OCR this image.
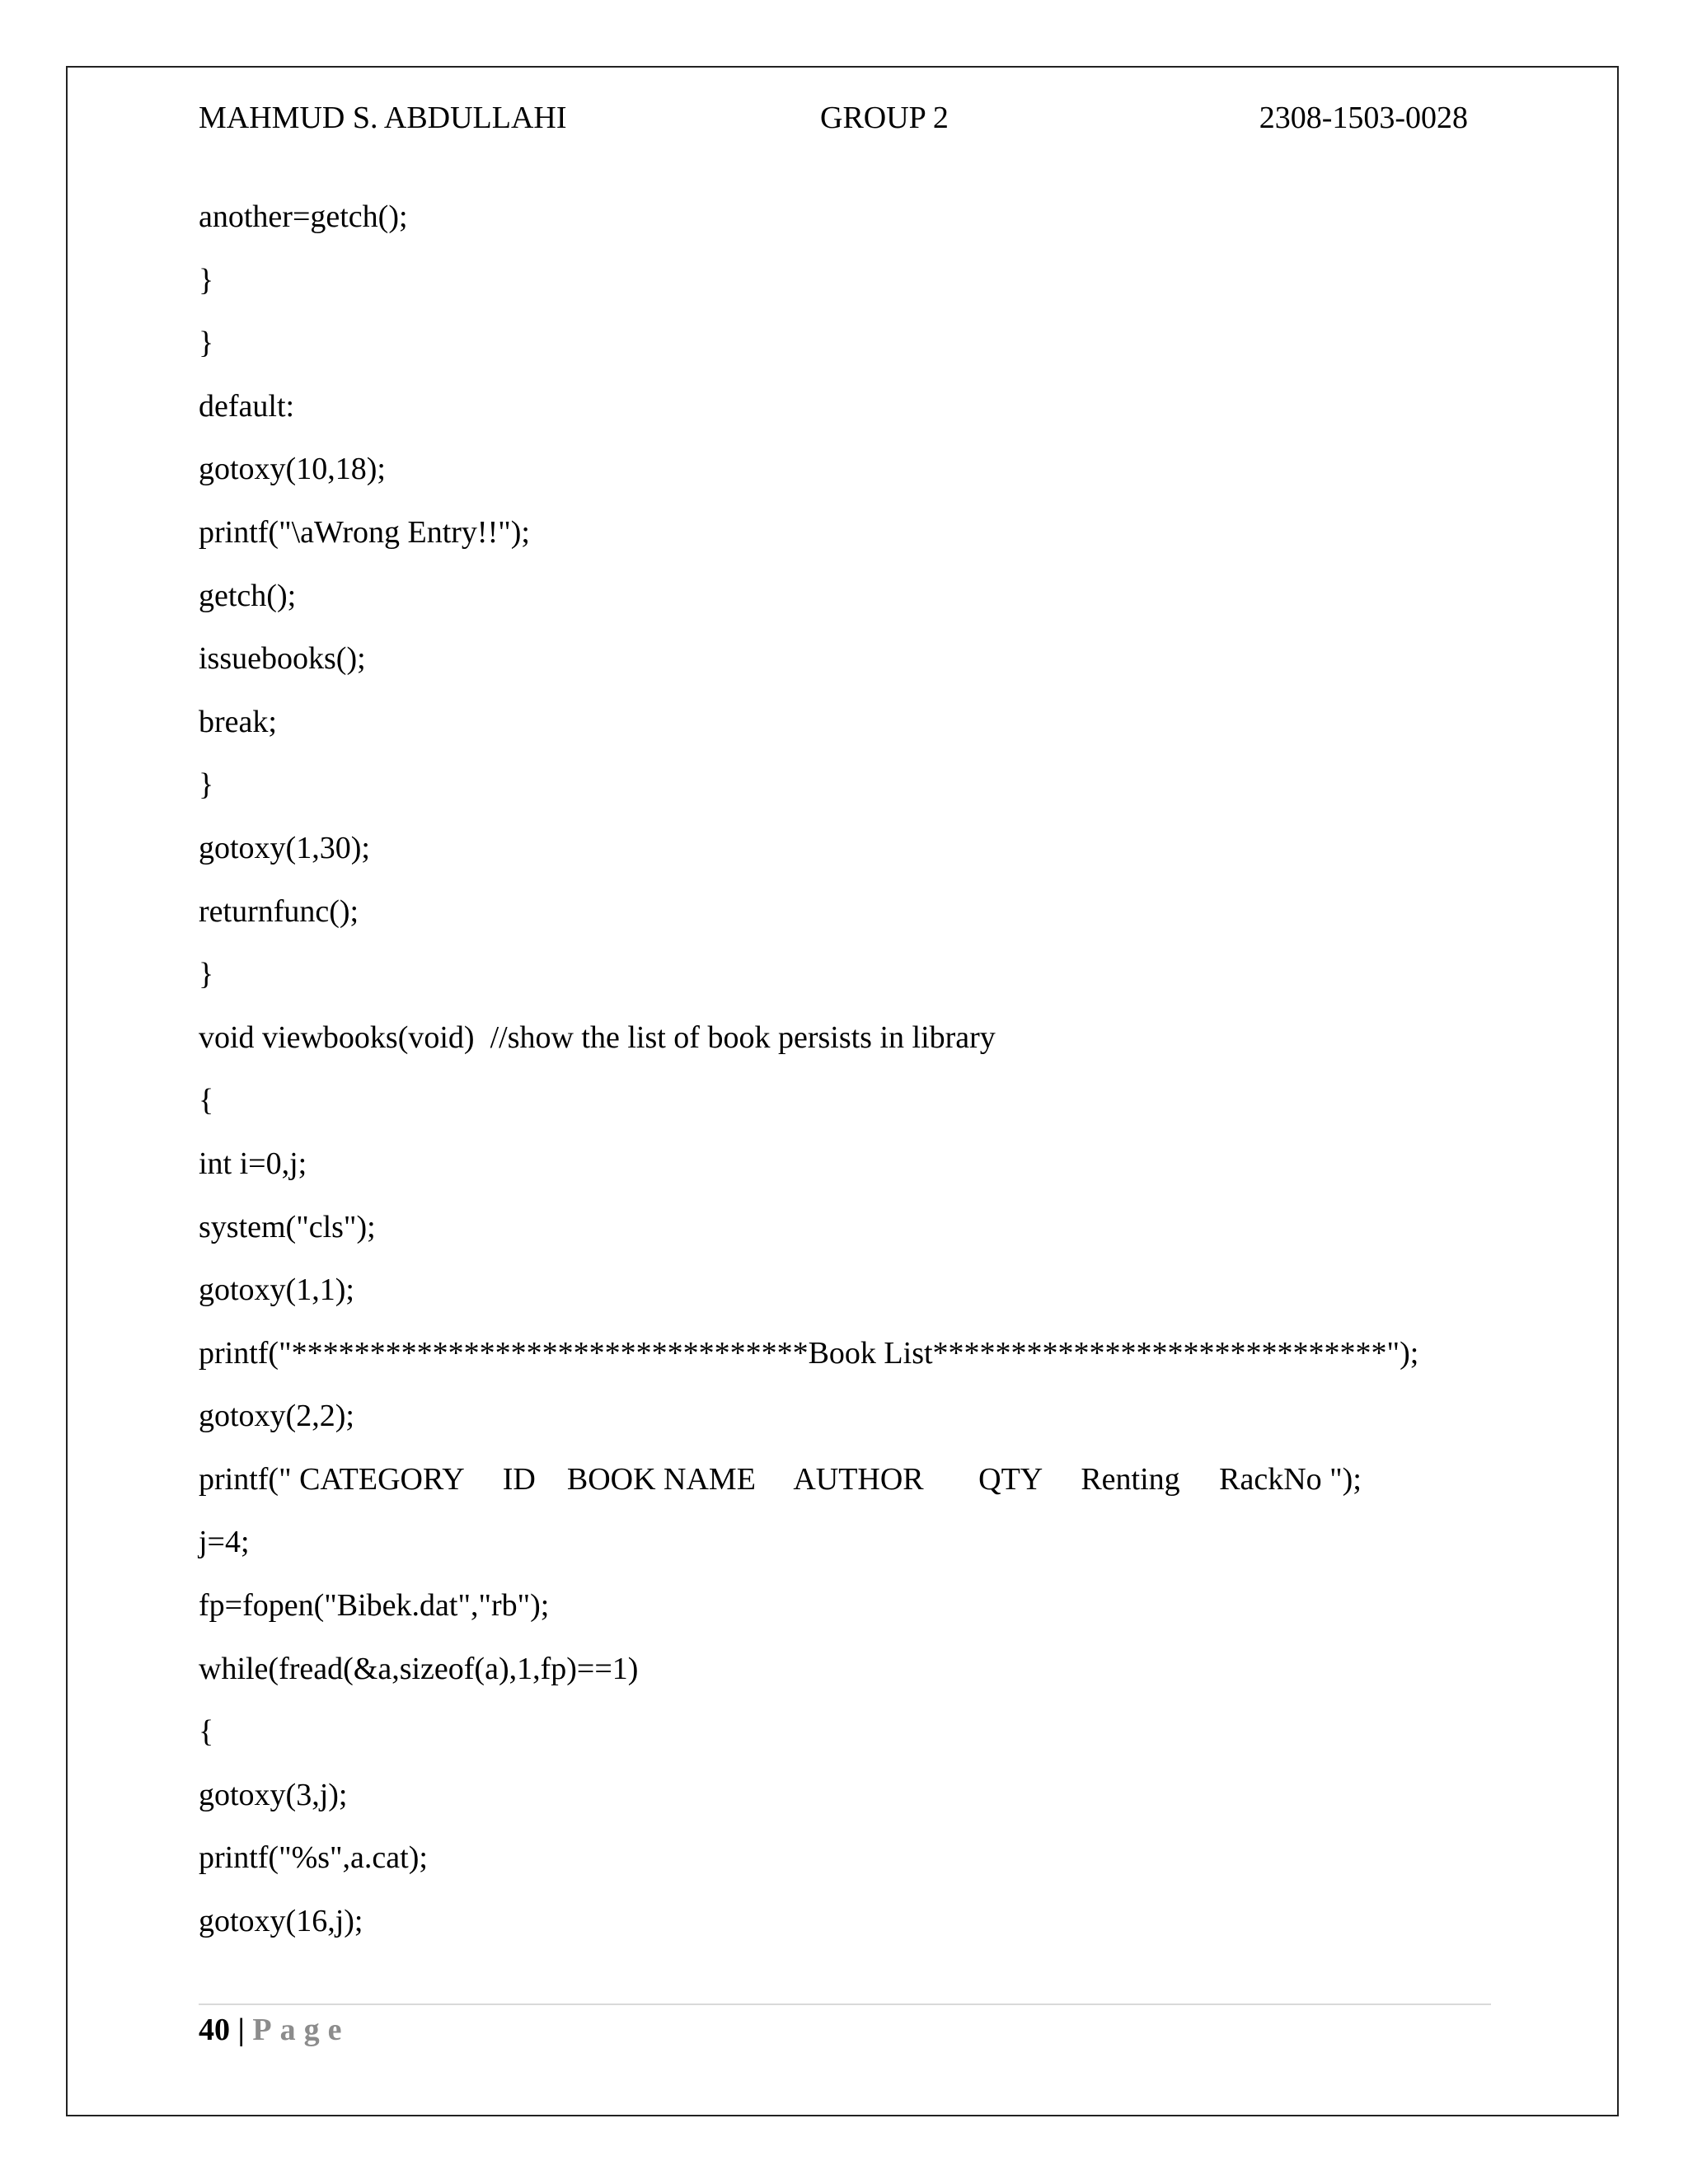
MAHMUD S. ABDULLAHI	GROUP 2	2308-1503-0028
another=getch();
}
}
default:
gotoxy(10,18);
printf("\aWrong Entry!!");
getch();
issuebooks();
break;
}
gotoxy(1,30);
returnfunc();
}
void viewbooks(void)  //show the list of book persists in library
{
int i=0,j;
system("cls");
gotoxy(1,1);
printf("*********************************Book List*****************************");
gotoxy(2,2);
printf(" CATEGORY     ID    BOOK NAME     AUTHOR       QTY     Renting     RackNo ");
j=4;
fp=fopen("Bibek.dat","rb");
while(fread(&a,sizeof(a),1,fp)==1)
{
gotoxy(3,j);
printf("%s",a.cat);
gotoxy(16,j);
40 | Page
